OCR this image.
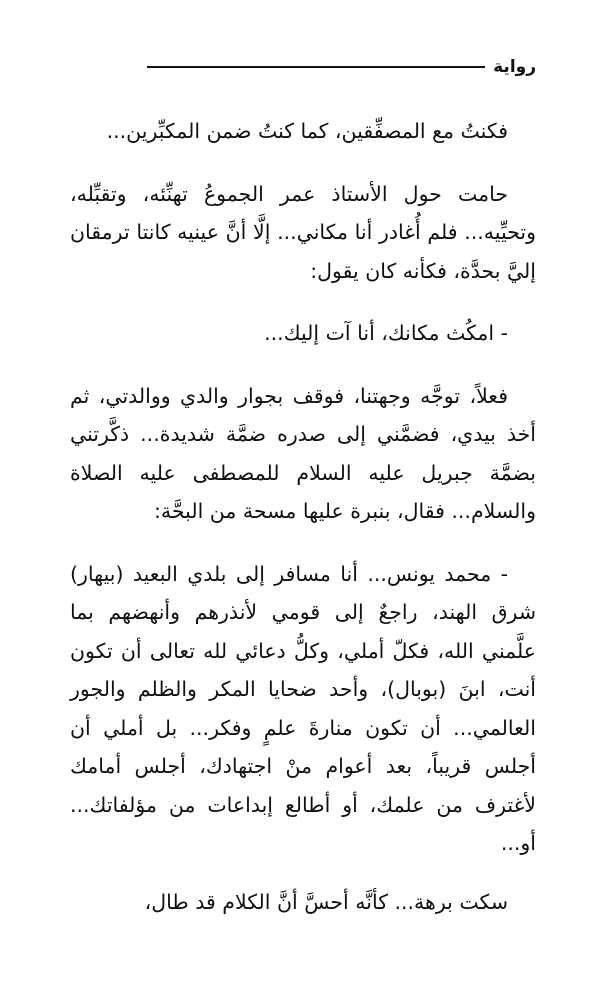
رواية

فكنتُ مع المصفِّقين، كما كنتُ ضمن المكبِّرين...

حامت حول الأستاذ عمر الجموعُ تهنِّئه، وتقبِّله، وتحيِّيه... فلم أُغادر أنا مكاني... إلَّا أنَّ عينيه كانتا ترمقان إليَّ بحدَّة، فكأنه كان يقول:

- امكُث مكانك، أنا آت إليك...

فعلاً، توجَّه وجهتنا، فوقف بجوار والدي ووالدتي، ثم أخذ بيدي، فضمَّني إلى صدره ضمَّة شديدة... ذكَّرتني بضمَّة جبريل عليه السلام للمصطفى عليه الصلاة والسلام... فقال، بنبرة عليها مسحة من البحَّة:

- محمد يونس... أنا مسافر إلى بلدي البعيد (بيهار) شرق الهند، راجعٌ إلى قومي لأنذرهم وأنهضهم بما علَّمني الله، فكلّ أملي، وكلُّ دعائي لله تعالى أن تكون أنت، ابنَ (بوبال)، وأحد ضحايا المكر والظلم والجور العالمي... أن تكون منارةَ علمٍ وفكر... بل أملي أن أجلس قريباً، بعد أعوام منْ اجتهادك، أجلس أمامك لأغترف من علمك، أو أطالع إبداعات من مؤلفاتك... أو...

سكت برهة... كأنَّه أحسَّ أنَّ الكلام قد طال،
